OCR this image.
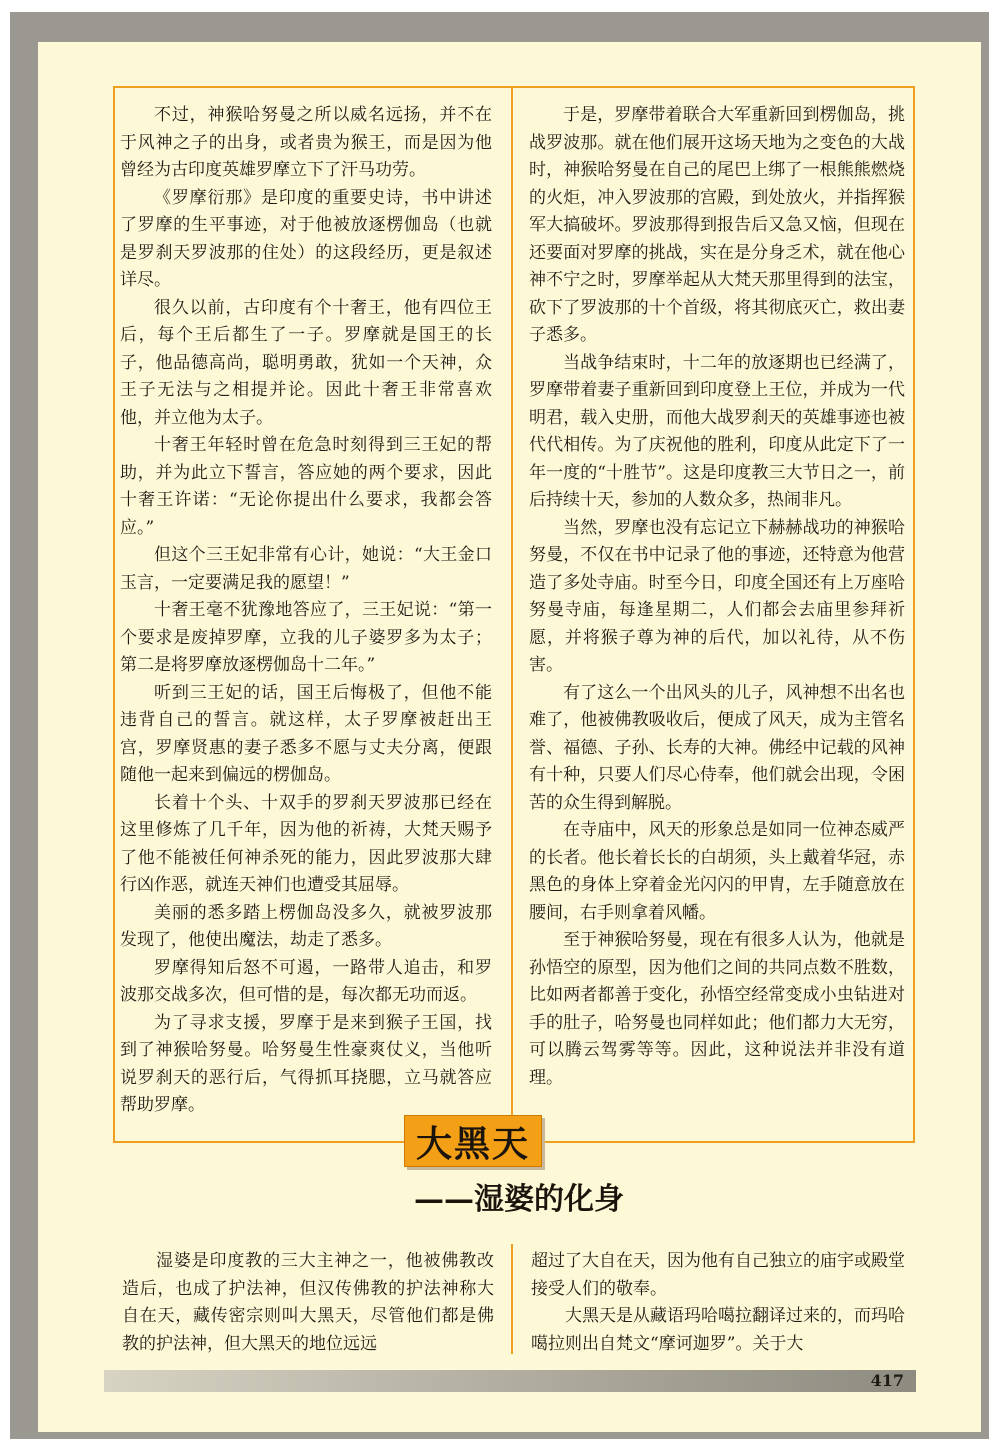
不过，神猴哈努曼之所以威名远扬，并不在于风神之子的出身，或者贵为猴王，而是因为他曾经为古印度英雄罗摩立下了汗马功劳。

《罗摩衍那》是印度的重要史诗，书中讲述了罗摩的生平事迹，对于他被放逐楞伽岛（也就是罗刹天罗波那的住处）的这段经历，更是叙述详尽。

很久以前，古印度有个十奢王，他有四位王后，每个王后都生了一子。罗摩就是国王的长子，他品德高尚，聪明勇敢，犹如一个天神，众王子无法与之相提并论。因此十奢王非常喜欢他，并立他为太子。

十奢王年轻时曾在危急时刻得到三王妃的帮助，并为此立下誓言，答应她的两个要求，因此十奢王许诺：“无论你提出什么要求，我都会答应。”

但这个三王妃非常有心计，她说：“大王金口玉言，一定要满足我的愿望！”

十奢王毫不犹豫地答应了，三王妃说：“第一个要求是废掉罗摩，立我的儿子婆罗多为太子；第二是将罗摩放逐楞伽岛十二年。”

听到三王妃的话，国王后悔极了，但他不能违背自己的誓言。就这样，太子罗摩被赶出王宫，罗摩贤惠的妻子悉多不愿与丈夫分离，便跟随他一起来到偏远的楞伽岛。

长着十个头、十双手的罗刹天罗波那已经在这里修炼了几千年，因为他的祈祷，大梵天赐予了他不能被任何神杀死的能力，因此罗波那大肆行凶作恶，就连天神们也遭受其屈辱。

美丽的悉多踏上楞伽岛没多久，就被罗波那发现了，他使出魔法，劫走了悉多。

罗摩得知后怒不可遏，一路带人追击，和罗波那交战多次，但可惜的是，每次都无功而返。

为了寻求支援，罗摩于是来到猴子王国，找到了神猴哈努曼。哈努曼生性豪爽仗义，当他听说罗刹天的恶行后，气得抓耳挠腮，立马就答应帮助罗摩。

于是，罗摩带着联合大军重新回到楞伽岛，挑战罗波那。就在他们展开这场天地为之变色的大战时，神猴哈努曼在自己的尾巴上绑了一根熊熊燃烧的火炬，冲入罗波那的宫殿，到处放火，并指挥猴军大搞破坏。罗波那得到报告后又急又恼，但现在还要面对罗摩的挑战，实在是分身乏术，就在他心神不宁之时，罗摩举起从大梵天那里得到的法宝，砍下了罗波那的十个首级，将其彻底灭亡，救出妻子悉多。

当战争结束时，十二年的放逐期也已经满了，罗摩带着妻子重新回到印度登上王位，并成为一代明君，载入史册，而他大战罗刹天的英雄事迹也被代代相传。为了庆祝他的胜利，印度从此定下了一年一度的“十胜节”。这是印度教三大节日之一，前后持续十天，参加的人数众多，热闹非凡。

当然，罗摩也没有忘记立下赫赫战功的神猴哈努曼，不仅在书中记录了他的事迹，还特意为他营造了多处寺庙。时至今日，印度全国还有上万座哈努曼寺庙，每逢星期二，人们都会去庙里参拜祈愿，并将猴子尊为神的后代，加以礼待，从不伤害。

有了这么一个出风头的儿子，风神想不出名也难了，他被佛教吸收后，便成了风天，成为主管名誉、福德、子孙、长寿的大神。佛经中记载的风神有十种，只要人们尽心侍奉，他们就会出现，令困苦的众生得到解脱。

在寺庙中，风天的形象总是如同一位神态威严的长者。他长着长长的白胡须，头上戴着华冠，赤黑色的身体上穿着金光闪闪的甲胄，左手随意放在腰间，右手则拿着风幡。

至于神猴哈努曼，现在有很多人认为，他就是孙悟空的原型，因为他们之间的共同点数不胜数，比如两者都善于变化，孙悟空经常变成小虫钻进对手的肚子，哈努曼也同样如此；他们都力大无穷，可以腾云驾雾等等。因此，这种说法并非没有道理。

大黑天
——湿婆的化身

湿婆是印度教的三大主神之一，他被佛教改造后，也成了护法神，但汉传佛教的护法神称大自在天，藏传密宗则叫大黑天，尽管他们都是佛教的护法神，但大黑天的地位远远

超过了大自在天，因为他有自己独立的庙宇或殿堂接受人们的敬奉。

大黑天是从藏语玛哈噶拉翻译过来的，而玛哈噶拉则出自梵文“摩诃迦罗”。关于大

417
